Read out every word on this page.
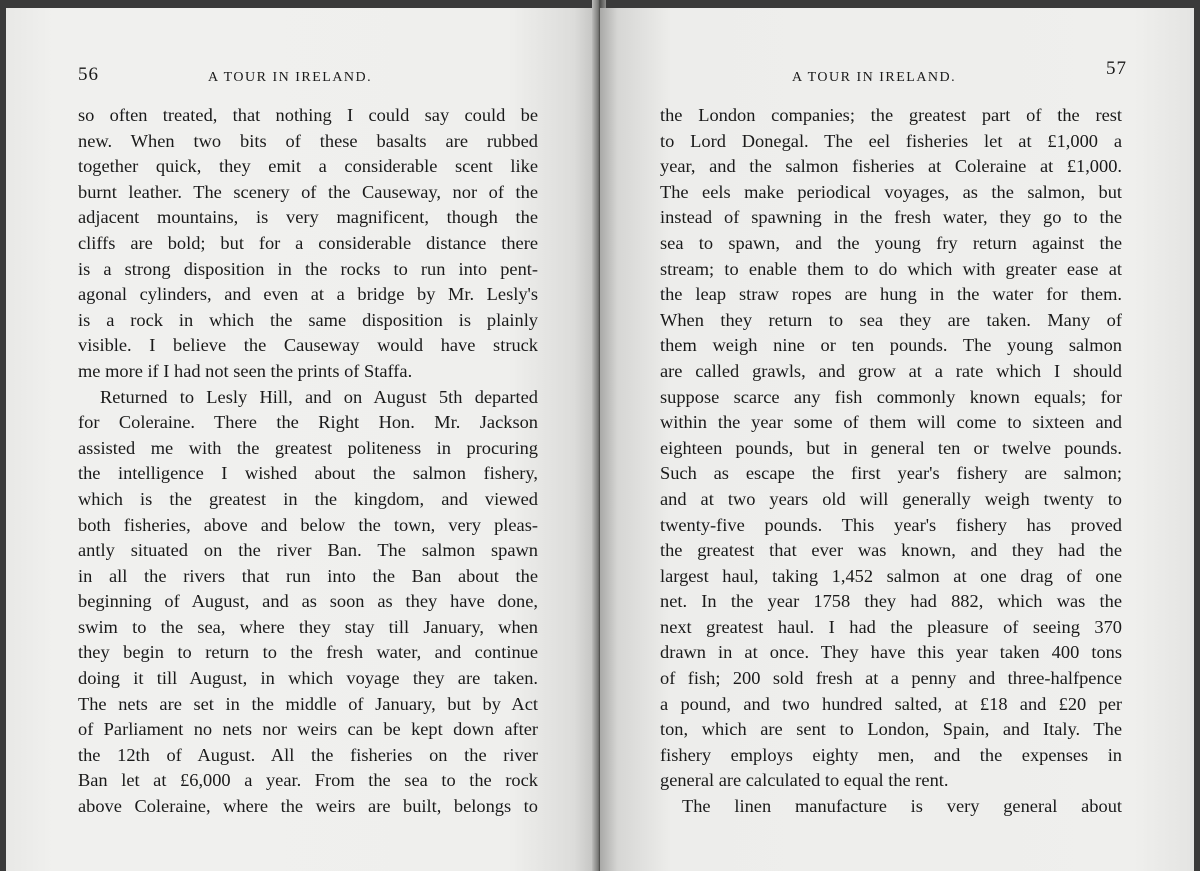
56	A TOUR IN IRELAND.
so often treated, that nothing I could say could be
new. When two bits of these basalts are rubbed
together quick, they emit a considerable scent like
burnt leather. The scenery of the Causeway, nor of the
adjacent mountains, is very magnificent, though the
cliffs are bold; but for a considerable distance there
is a strong disposition in the rocks to run into pent-
agonal cylinders, and even at a bridge by Mr. Lesly's
is a rock in which the same disposition is plainly
visible. I believe the Causeway would have struck
me more if I had not seen the prints of Staffa.
Returned to Lesly Hill, and on August 5th departed
for Coleraine. There the Right Hon. Mr. Jackson
assisted me with the greatest politeness in procuring
the intelligence I wished about the salmon fishery,
which is the greatest in the kingdom, and viewed
both fisheries, above and below the town, very pleas-
antly situated on the river Ban. The salmon spawn
in all the rivers that run into the Ban about the
beginning of August, and as soon as they have done,
swim to the sea, where they stay till January, when
they begin to return to the fresh water, and continue
doing it till August, in which voyage they are taken.
The nets are set in the middle of January, but by Act
of Parliament no nets nor weirs can be kept down after
the 12th of August. All the fisheries on the river
Ban let at £6,000 a year. From the sea to the rock
above Coleraine, where the weirs are built, belongs to
A TOUR IN IRELAND.	57
the London companies; the greatest part of the rest
to Lord Donegal. The eel fisheries let at £1,000 a
year, and the salmon fisheries at Coleraine at £1,000.
The eels make periodical voyages, as the salmon, but
instead of spawning in the fresh water, they go to the
sea to spawn, and the young fry return against the
stream; to enable them to do which with greater ease at
the leap straw ropes are hung in the water for them.
When they return to sea they are taken. Many of
them weigh nine or ten pounds. The young salmon
are called grawls, and grow at a rate which I should
suppose scarce any fish commonly known equals; for
within the year some of them will come to sixteen and
eighteen pounds, but in general ten or twelve pounds.
Such as escape the first year's fishery are salmon;
and at two years old will generally weigh twenty to
twenty-five pounds. This year's fishery has proved
the greatest that ever was known, and they had the
largest haul, taking 1,452 salmon at one drag of one
net. In the year 1758 they had 882, which was the
next greatest haul. I had the pleasure of seeing 370
drawn in at once. They have this year taken 400 tons
of fish; 200 sold fresh at a penny and three-halfpence
a pound, and two hundred salted, at £18 and £20 per
ton, which are sent to London, Spain, and Italy. The
fishery employs eighty men, and the expenses in
general are calculated to equal the rent.
The linen manufacture is very general about
